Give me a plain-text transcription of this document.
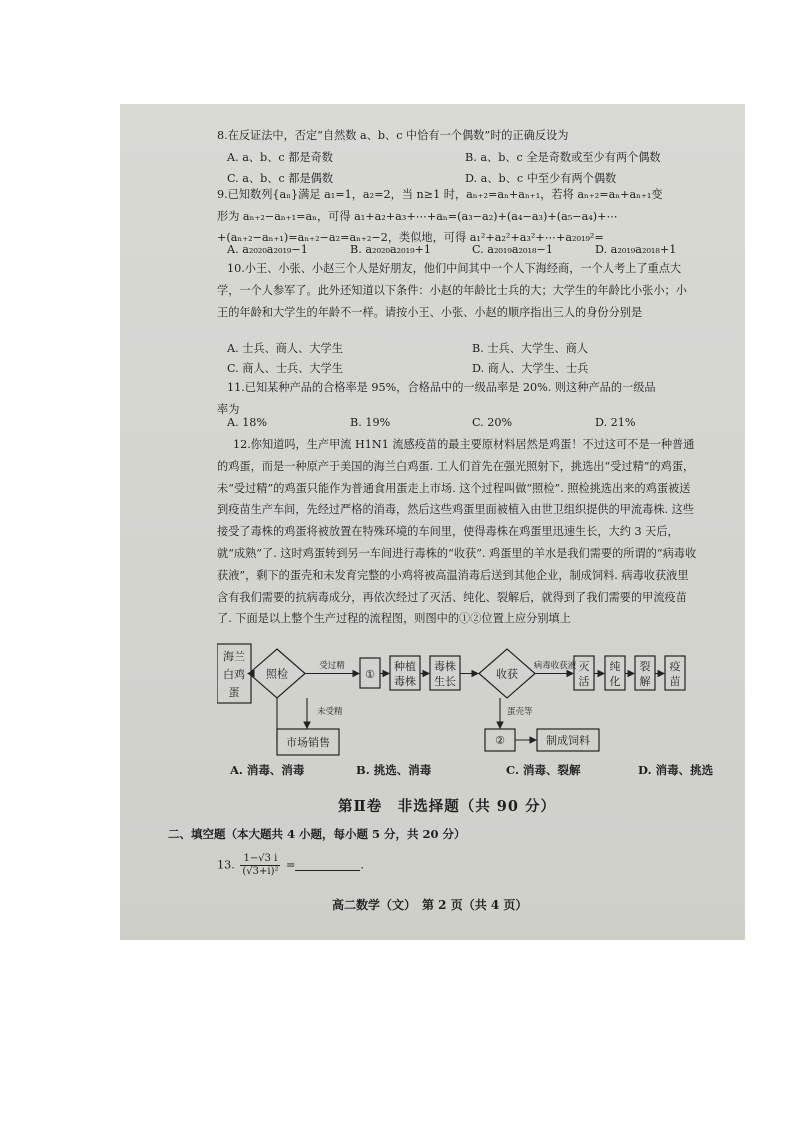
8.在反证法中，否定“自然数 a、b、c 中恰有一个偶数”时的正确反设为
A. a、b、c 都是奇数	B. a、b、c 全是奇数或至少有两个偶数
C. a、b、c 都是偶数	D. a、b、c 中至少有两个偶数
9.已知数列{aₙ}满足 a₁=1，a₂=2，当 n≥1 时，aₙ₊₂=aₙ+aₙ₊₁，若将 aₙ₊₂=aₙ+aₙ₊₁变
形为 aₙ₊₂−aₙ₊₁=aₙ，可得 a₁+a₂+a₃+⋯+aₙ=(a₃−a₂)+(a₄−a₃)+(a₅−a₄)+⋯
+(aₙ₊₂−aₙ₊₁)=aₙ₊₂−a₂=aₙ₊₂−2，类似地，可得 a₁²+a₂²+a₃²+⋯+a₂₀₁₉²=
A. a₂₀₂₀a₂₀₁₉−1	B. a₂₀₂₀a₂₀₁₉+1	C. a₂₀₁₉a₂₀₁₈−1	D. a₂₀₁₉a₂₀₁₈+1
10.小王、小张、小赵三个人是好朋友，他们中间其中一个人下海经商，一个人考上了重点大学，一个人参军了。此外还知道以下条件：小赵的年龄比士兵的大；大学生的年龄比小张小；小王的年龄和大学生的年龄不一样。请按小王、小张、小赵的顺序指出三人的身份分别是
A. 士兵、商人、大学生	B. 士兵、大学生、商人
C. 商人、士兵、大学生	D. 商人、大学生、士兵
11.已知某种产品的合格率是 95%，合格品中的一级品率是 20%. 则这种产品的一级品
率为
A. 18%	B. 19%	C. 20%	D. 21%
12.你知道吗，生产甲流 H1N1 流感疫苗的最主要原材料居然是鸡蛋！不过这可不是一种普通的鸡蛋，而是一种原产于美国的海兰白鸡蛋. 工人们首先在强光照射下，挑选出“受过精”的鸡蛋，未“受过精”的鸡蛋只能作为普通食用蛋走上市场. 这个过程叫做“照检”. 照检挑选出来的鸡蛋被送到疫苗生产车间，先经过严格的消毒，然后这些鸡蛋里面被植入由世卫组织提供的甲流毒株. 这些接受了毒株的鸡蛋将被放置在特殊环境的车间里，使得毒株在鸡蛋里迅速生长，大约 3 天后，就“成熟”了. 这时鸡蛋转到另一车间进行毒株的“收获”. 鸡蛋里的羊水是我们需要的所谓的“病毒收获液”，剩下的蛋壳和未发育完整的小鸡将被高温消毒后送到其他企业，制成饲料. 病毒收获液里含有我们需要的抗病毒成分，再依次经过了灭活、纯化、裂解后，就得到了我们需要的甲流疫苗了. 下面是以上整个生产过程的流程图，则图中的①②位置上应分别填上
海兰
白鸡
蛋
照检
受过精
①
种植
毒株
毒株
生长
收获
病毒收获液 灭
活
纯
化
裂
解
疫
苗
未受精
市场销售
蛋壳等
②	制成饲料
A. 消毒、消毒	B. 挑选、消毒	C. 消毒、裂解	D. 消毒、挑选
第Ⅱ卷　非选择题（共 90 分）
二、填空题（本大题共 4 小题，每小题 5 分，共 20 分）
13. $\frac{1-√3 i}{\text{(√3+i)²}}$ =	.
高二数学（文）　第 2 页（共 4 页）
